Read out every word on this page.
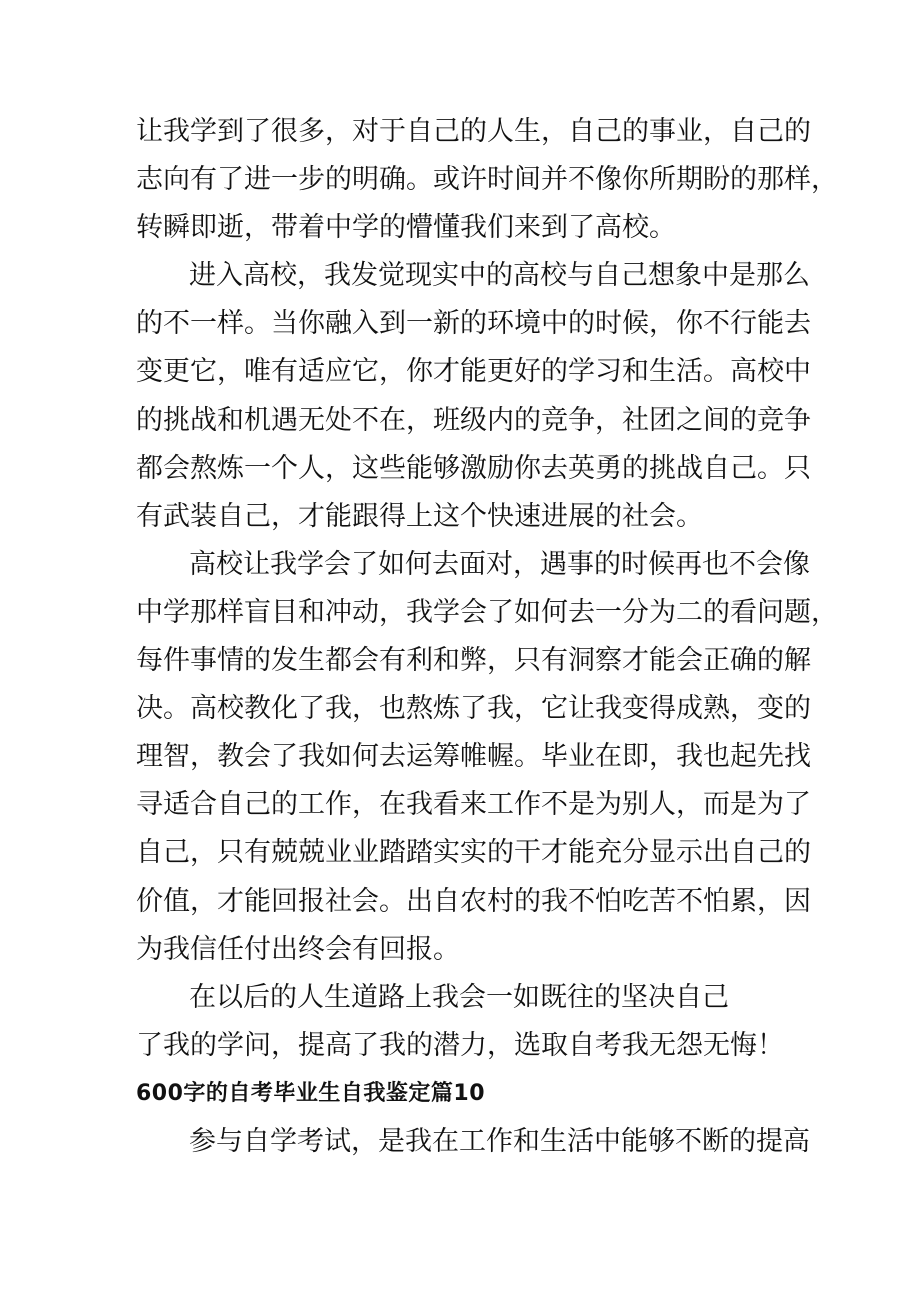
让我学到了很多，对于自己的人生，自己的事业，自己的
志向有了进一步的明确。或许时间并不像你所期盼的那样，
转瞬即逝，带着中学的懵懂我们来到了高校。
进入高校，我发觉现实中的高校与自己想象中是那么
的不一样。当你融入到一新的环境中的时候，你不行能去
变更它，唯有适应它，你才能更好的学习和生活。高校中
的挑战和机遇无处不在，班级内的竞争，社团之间的竞争
都会熬炼一个人，这些能够激励你去英勇的挑战自己。只
有武装自己，才能跟得上这个快速进展的社会。
高校让我学会了如何去面对，遇事的时候再也不会像
中学那样盲目和冲动，我学会了如何去一分为二的看问题，
每件事情的发生都会有利和弊，只有洞察才能会正确的解
决。高校教化了我，也熬炼了我，它让我变得成熟，变的
理智，教会了我如何去运筹帷幄。毕业在即，我也起先找
寻适合自己的工作，在我看来工作不是为别人，而是为了
自己，只有兢兢业业踏踏实实的干才能充分显示出自己的
价值，才能回报社会。出自农村的我不怕吃苦不怕累，因
为我信任付出终会有回报。
在以后的人生道路上我会一如既往的坚决自己
了我的学问，提高了我的潜力，选取自考我无怨无悔！
600字的自考毕业生自我鉴定篇10
参与自学考试，是我在工作和生活中能够不断的提高
